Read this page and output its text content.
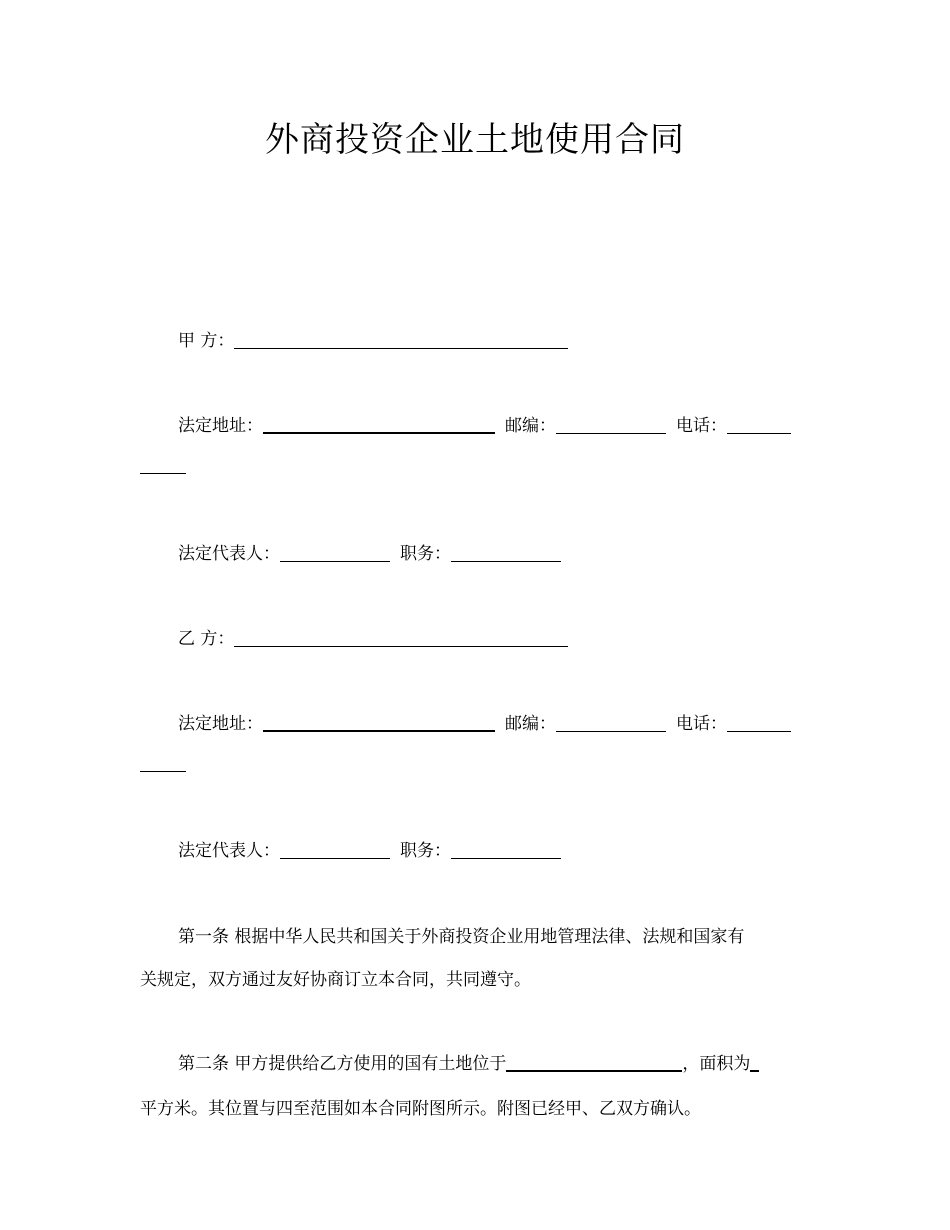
外商投资企业土地使用合同
甲 方：
法定地址：	邮编：	电话：
法定代表人：	职务：
乙 方：
法定地址：	邮编：	电话：
法定代表人：	职务：
第一条 根据中华人民共和国关于外商投资企业用地管理法律、法规和国家有
关规定，双方通过友好协商订立本合同，共同遵守。
第二条 甲方提供给乙方使用的国有土地位于	，面积为
平方米。其位置与四至范围如本合同附图所示。附图已经甲、乙双方确认。
